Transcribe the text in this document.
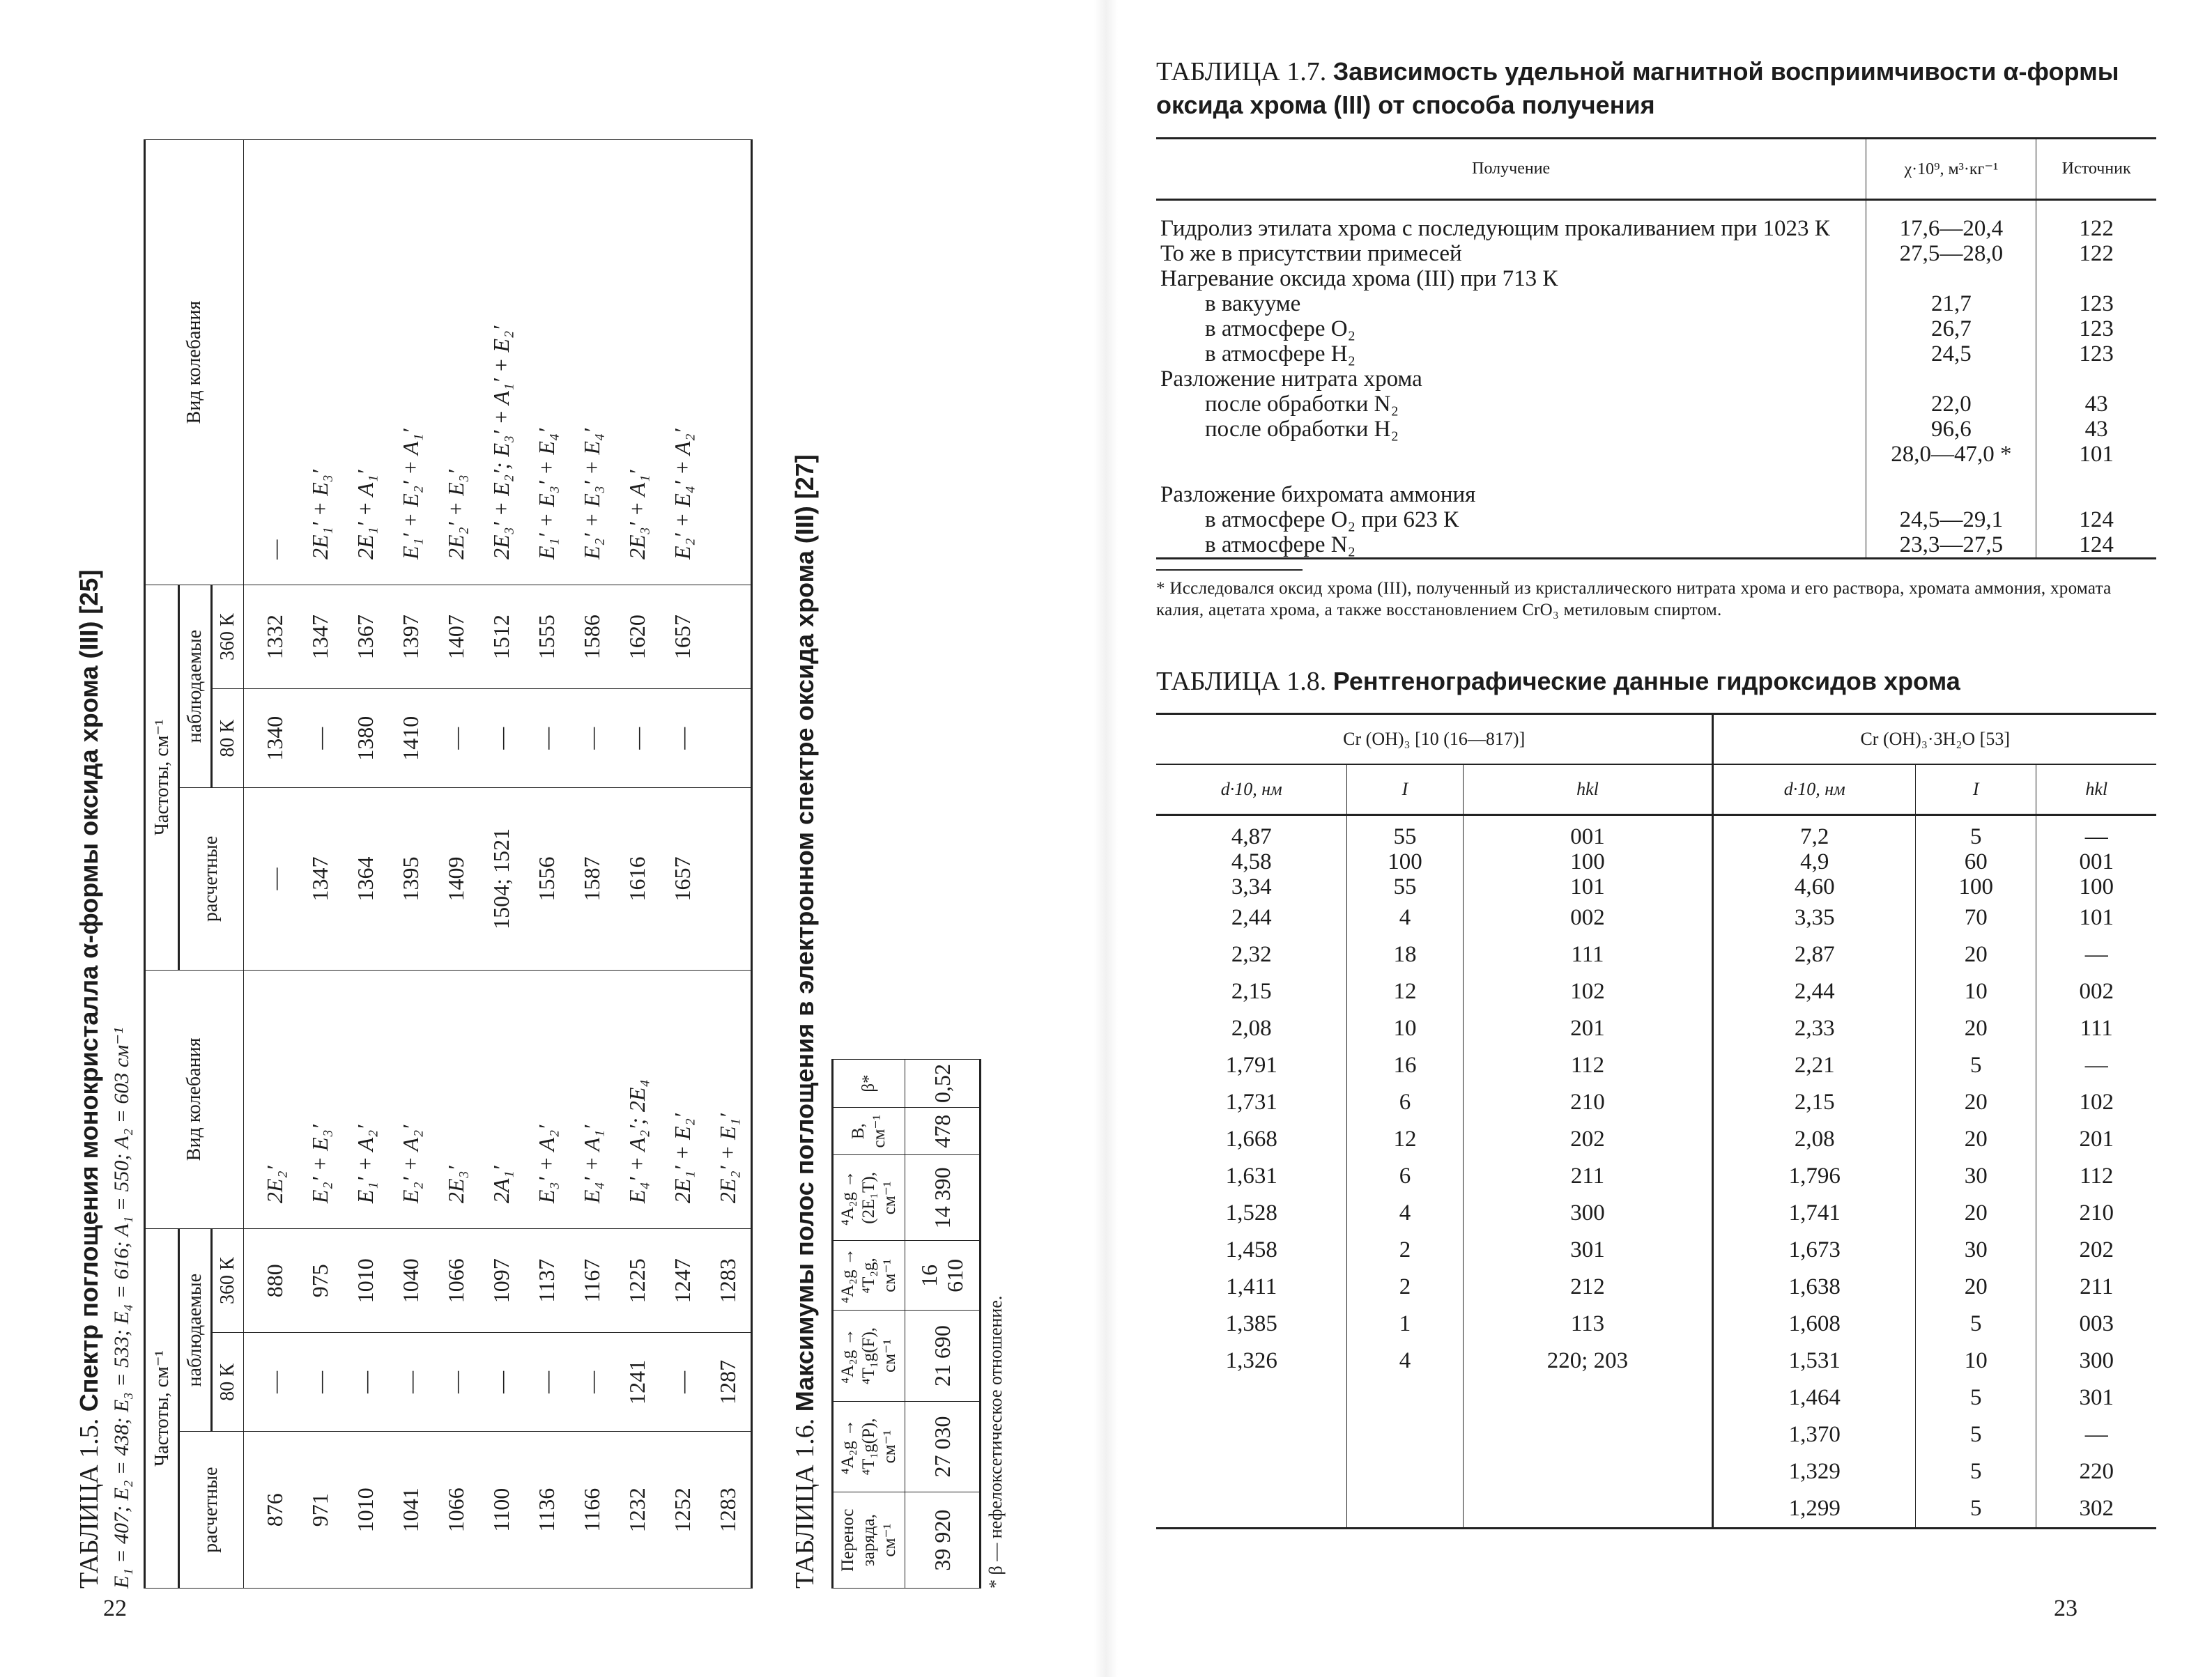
ТАБЛИЦА 1.5. Спектр поглощения монокристалла α-формы оксида хрома (III) [25] E₁ = 407; E₂ = 438; E₃ = 533; E₄ = 616; A₁ = 550; A₂ = 603 см⁻¹ Частоты, см⁻¹			Вид колебания	Частоты, см⁻¹			Вид колебания
расчетные	наблюдаемые			расчетные	наблюдаемые		
	80 К	360 К			80 К	360 К	
876	—	880	2E₂′	—	1340	1332	—
971	—	975	E₂′ + E₃′	1347	—	1347	2E₁′ + E₃′
1010	—	1010	E₁′ + A₂′	1364	1380	1367	2E₁′ + A₁′
1041	—	1040	E₂′ + A₂′	1395	1410	1397	E₁′ + E₂′ + A₁′
1066	—	1066	2E₃′	1409	—	1407	2E₂′ + E₃′
1100	—	1097	2A₁′	1504; 1521	—	1512	2E₃′ + E₂′; E₃′ + A₁′ + E₂′
1136	—	1137	E₃′ + A₂′	1556	—	1555	E₁′ + E₃′ + E₄′
1166	—	1167	E₄′ + A₁′	1587	—	1586	E₂′ + E₃′ + E₄′
1232	1241	1225	E₄′ + A₂′; 2E₄	1616	—	1620	2E₃′ + A₁′
1252	—	1247	2E₁′ + E₂′	1657	—	1657	E₂′ + E₄′ + A₂′
1283	1287	1283	2E₂′ + E₁′				
ТАБЛИЦА 1.6. Максимумы полос поглощения в электронном спектре оксида хрома (III) [27]
Перенос заряда, см⁻¹	⁴A₂g → ⁴T₁g(P), см⁻¹	⁴A₂g → ⁴T₁g(F), см⁻¹	⁴A₂g → ⁴T₂g, см⁻¹	⁴A₂g → (2E₁T), см⁻¹	B, см⁻¹	β*
39 920	27 030	21 690	16 610	14 390	478	0,52
* β — нефелоксетическое отношение.
22
ТАБЛИЦА 1.7. Зависимость удельной магнитной восприимчивости α-формы оксида хрома (III) от способа получения
Получение	χ·10⁹, м³·кг⁻¹	Источник
Гидролиз этилата хрома с последующим прокаливанием при 1023 К	17,6—20,4	122
То же в присутствии примесей	27,5—28,0	122
Нагревание оксида хрома (III) при 713 К		
в вакууме	21,7	123
в атмосфере O₂	26,7	123
в атмосфере H₂	24,5	123
Разложение нитрата хрома		
после обработки N₂	22,0	43
после обработки H₂	96,6	43
	28,0—47,0 *	101
Разложение бихромата аммония		
в атмосфере O₂ при 623 К	24,5—29,1	124
в атмосфере N₂	23,3—27,5	124
* Исследовался оксид хрома (III), полученный из кристаллического нитрата хрома и его раствора, хромата аммония, хромата калия, ацетата хрома, а также восстановлением CrO₃ метиловым спиртом.
ТАБЛИЦА 1.8. Рентгенографические данные гидроксидов хрома
Cr (OH)₃ [10 (16—817)]			Cr (OH)₃·3H₂O [53]		
d·10, нм	I	hkl	d·10, нм	I	hkl
4,87	55	001	7,2	5	—
4,58	100	100	4,9	60	001
3,34	55	101	4,60	100	100
2,44	4	002	3,35	70	101
2,32	18	111	2,87	20	—
2,15	12	102	2,44	10	002
2,08	10	201	2,33	20	111
1,791	16	112	2,21	5	—
1,731	6	210	2,15	20	102
1,668	12	202	2,08	20	201
1,631	6	211	1,796	30	112
1,528	4	300	1,741	20	210
1,458	2	301	1,673	30	202
1,411	2	212	1,638	20	211
1,385	1	113	1,608	5	003
1,326	4	220; 203	1,531	10	300
			1,464	5	301
			1,370	5	—
			1,329	5	220
			1,299	5	302
23
